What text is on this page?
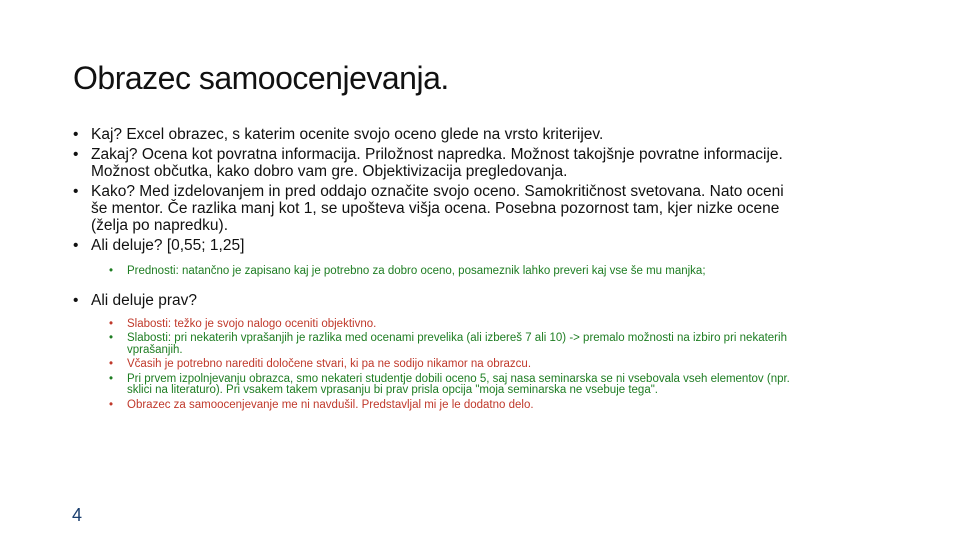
Obrazec samoocenjevanja.
• Kaj? Excel obrazec, s katerim ocenite svojo oceno glede na vrsto kriterijev.
• Zakaj? Ocena kot povratna informacija. Priložnost napredka. Možnost takojšnje povratne informacije. Možnost občutka, kako dobro vam gre. Objektivizacija pregledovanja.
• Kako? Med izdelovanjem in pred oddajo označite svojo oceno. Samokritičnost svetovana. Nato oceni še mentor. Če razlika manj kot 1, se upošteva višja ocena. Posebna pozornost tam, kjer nizke ocene (želja po napredku).
• Ali deluje? [0,55; 1,25]
• Prednosti: natančno je zapisano kaj je potrebno za dobro oceno, posameznik lahko preveri kaj vse še mu manjka;
• Ali deluje prav?
• Slabosti: težko je svojo nalogo oceniti objektivno.
• Slabosti: pri nekaterih vprašanjih je razlika med ocenami prevelika (ali izbereš 7 ali 10) -> premalo možnosti na izbiro pri nekaterih vprašanjih.
• Včasih je potrebno narediti določene stvari, ki pa ne sodijo nikamor na obrazcu.
• Pri prvem izpolnjevanju obrazca, smo nekateri studentje dobili oceno 5, saj nasa seminarska se ni vsebovala vseh elementov (npr. sklici na literaturo). Pri vsakem takem vprasanju bi prav prisla opcija "moja seminarska ne vsebuje tega".
• Obrazec za samoocenjevanje me ni navdušil. Predstavljal mi je le dodatno delo.
4
